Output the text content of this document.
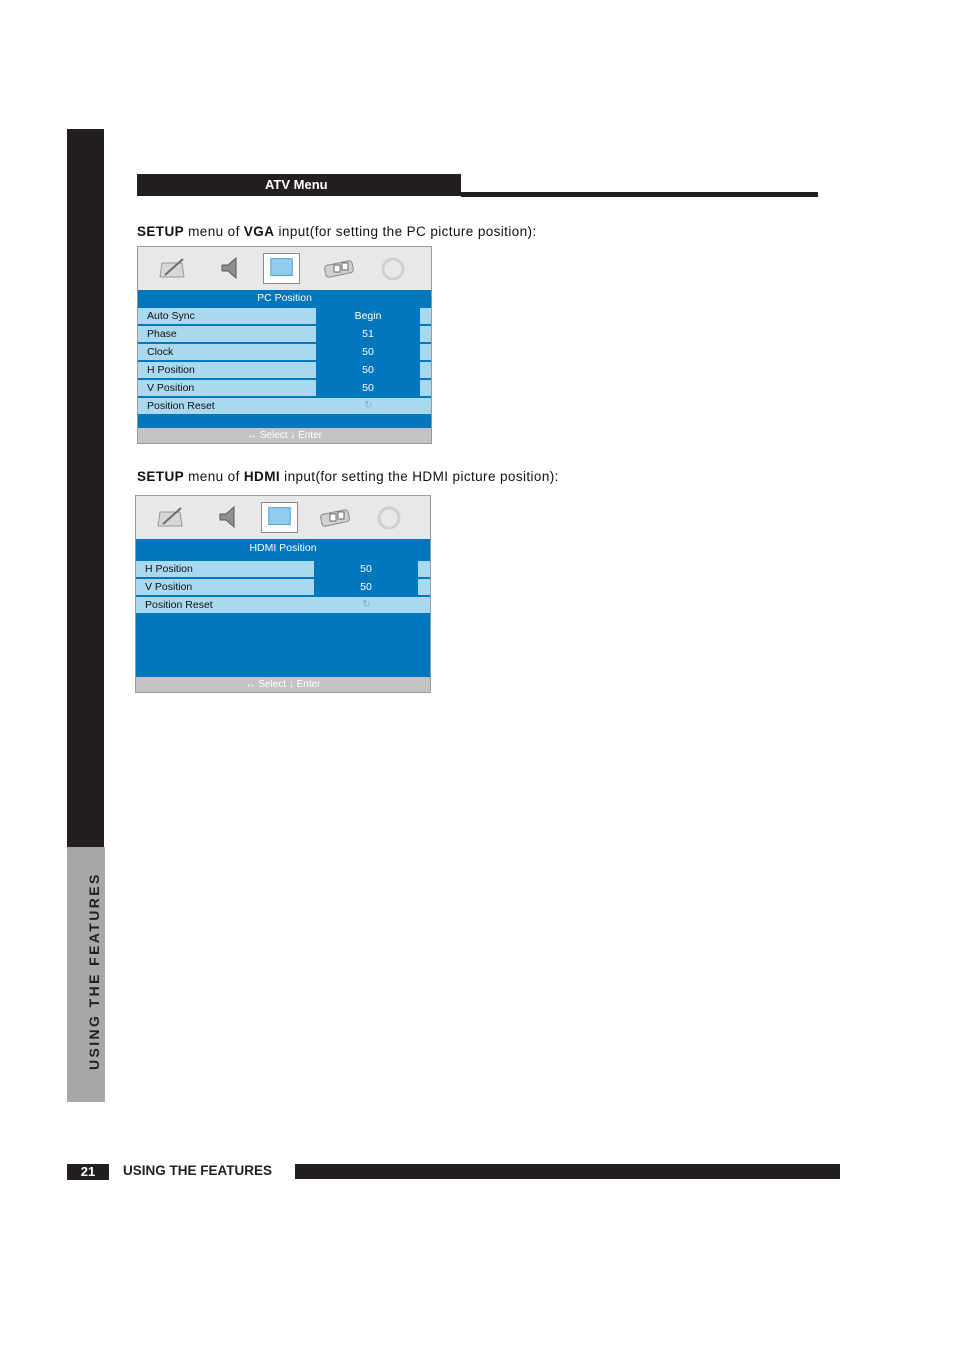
USING THE FEATURES
ATV Menu
SETUP menu of VGA input(for setting the PC picture position):
PC Position
Auto Sync	Begin
Phase	51
Clock	50
H Position	50
V Position	50
Position Reset	↻
↔ Select ↓ Enter
SETUP menu of HDMI input(for setting the HDMI picture position):
HDMI Position
H Position	50
V Position	50
Position Reset	↻
↔ Select ↓ Enter
21	USING THE FEATURES
